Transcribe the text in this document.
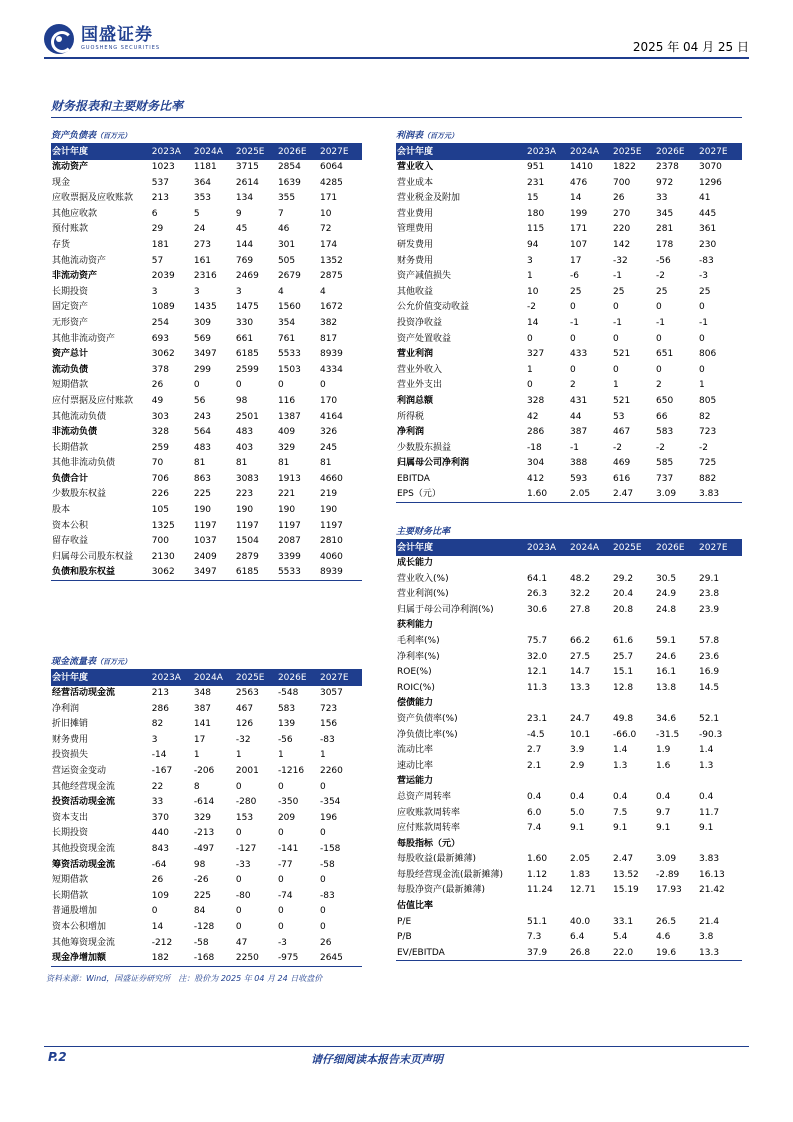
国盛证券
GUOSHENG SECURITIES	2025 年 04 月 25 日
财务报表和主要财务比率
资产负债表（百万元）
会计年度	2023A	2024A	2025E	2026E	2027E
流动资产	1023	1181	3715	2854	6064
现金	537	364	2614	1639	4285
应收票据及应收账款	213	353	134	355	171
其他应收款	6	5	9	7	10
预付账款	29	24	45	46	72
存货	181	273	144	301	174
其他流动资产	57	161	769	505	1352
非流动资产	2039	2316	2469	2679	2875
长期投资	3	3	3	4	4
固定资产	1089	1435	1475	1560	1672
无形资产	254	309	330	354	382
其他非流动资产	693	569	661	761	817
资产总计	3062	3497	6185	5533	8939
流动负债	378	299	2599	1503	4334
短期借款	26	0	0	0	0
应付票据及应付账款	49	56	98	116	170
其他流动负债	303	243	2501	1387	4164
非流动负债	328	564	483	409	326
长期借款	259	483	403	329	245
其他非流动负债	70	81	81	81	81
负债合计	706	863	3083	1913	4660
少数股东权益	226	225	223	221	219
股本	105	190	190	190	190
资本公积	1325	1197	1197	1197	1197
留存收益	700	1037	1504	2087	2810
归属母公司股东权益	2130	2409	2879	3399	4060
负债和股东权益	3062	3497	6185	5533	8939
利润表（百万元）
会计年度	2023A	2024A	2025E	2026E	2027E
营业收入	951	1410	1822	2378	3070
营业成本	231	476	700	972	1296
营业税金及附加	15	14	26	33	41
营业费用	180	199	270	345	445
管理费用	115	171	220	281	361
研发费用	94	107	142	178	230
财务费用	3	17	-32	-56	-83
资产减值损失	1	-6	-1	-2	-3
其他收益	10	25	25	25	25
公允价值变动收益	-2	0	0	0	0
投资净收益	14	-1	-1	-1	-1
资产处置收益	0	0	0	0	0
营业利润	327	433	521	651	806
营业外收入	1	0	0	0	0
营业外支出	0	2	1	2	1
利润总额	328	431	521	650	805
所得税	42	44	53	66	82
净利润	286	387	467	583	723
少数股东损益	-18	-1	-2	-2	-2
归属母公司净利润	304	388	469	585	725
EBITDA	412	593	616	737	882
EPS（元）	1.60	2.05	2.47	3.09	3.83
主要财务比率
会计年度	2023A	2024A	2025E	2026E	2027E
成长能力
营业收入(%)	64.1	48.2	29.2	30.5	29.1
营业利润(%)	26.3	32.2	20.4	24.9	23.8
归属于母公司净利润(%)	30.6	27.8	20.8	24.8	23.9
获利能力
毛利率(%)	75.7	66.2	61.6	59.1	57.8
净利率(%)	32.0	27.5	25.7	24.6	23.6
ROE(%)	12.1	14.7	15.1	16.1	16.9
ROIC(%)	11.3	13.3	12.8	13.8	14.5
偿债能力
资产负债率(%)	23.1	24.7	49.8	34.6	52.1
净负债比率(%)	-4.5	10.1	-66.0	-31.5	-90.3
流动比率	2.7	3.9	1.4	1.9	1.4
速动比率	2.1	2.9	1.3	1.6	1.3
营运能力
总资产周转率	0.4	0.4	0.4	0.4	0.4
应收账款周转率	6.0	5.0	7.5	9.7	11.7
应付账款周转率	7.4	9.1	9.1	9.1	9.1
每股指标（元）
每股收益(最新摊薄)	1.60	2.05	2.47	3.09	3.83
每股经营现金流(最新摊薄)	1.12	1.83	13.52	-2.89	16.13
每股净资产(最新摊薄)	11.24	12.71	15.19	17.93	21.42
估值比率
P/E	51.1	40.0	33.1	26.5	21.4
P/B	7.3	6.4	5.4	4.6	3.8
EV/EBITDA	37.9	26.8	22.0	19.6	13.3
现金流量表（百万元）
会计年度	2023A	2024A	2025E	2026E	2027E
经营活动现金流	213	348	2563	-548	3057
净利润	286	387	467	583	723
折旧摊销	82	141	126	139	156
财务费用	3	17	-32	-56	-83
投资损失	-14	1	1	1	1
营运资金变动	-167	-206	2001	-1216	2260
其他经营现金流	22	8	0	0	0
投资活动现金流	33	-614	-280	-350	-354
资本支出	370	329	153	209	196
长期投资	440	-213	0	0	0
其他投资现金流	843	-497	-127	-141	-158
筹资活动现金流	-64	98	-33	-77	-58
短期借款	26	-26	0	0	0
长期借款	109	225	-80	-74	-83
普通股增加	0	84	0	0	0
资本公积增加	14	-128	0	0	0
其他筹资现金流	-212	-58	47	-3	26
现金净增加额	182	-168	2250	-975	2645
资料来源：Wind，国盛证券研究所　注：股价为 2025 年 04 月 24 日收盘价
P.2	请仔细阅读本报告末页声明
